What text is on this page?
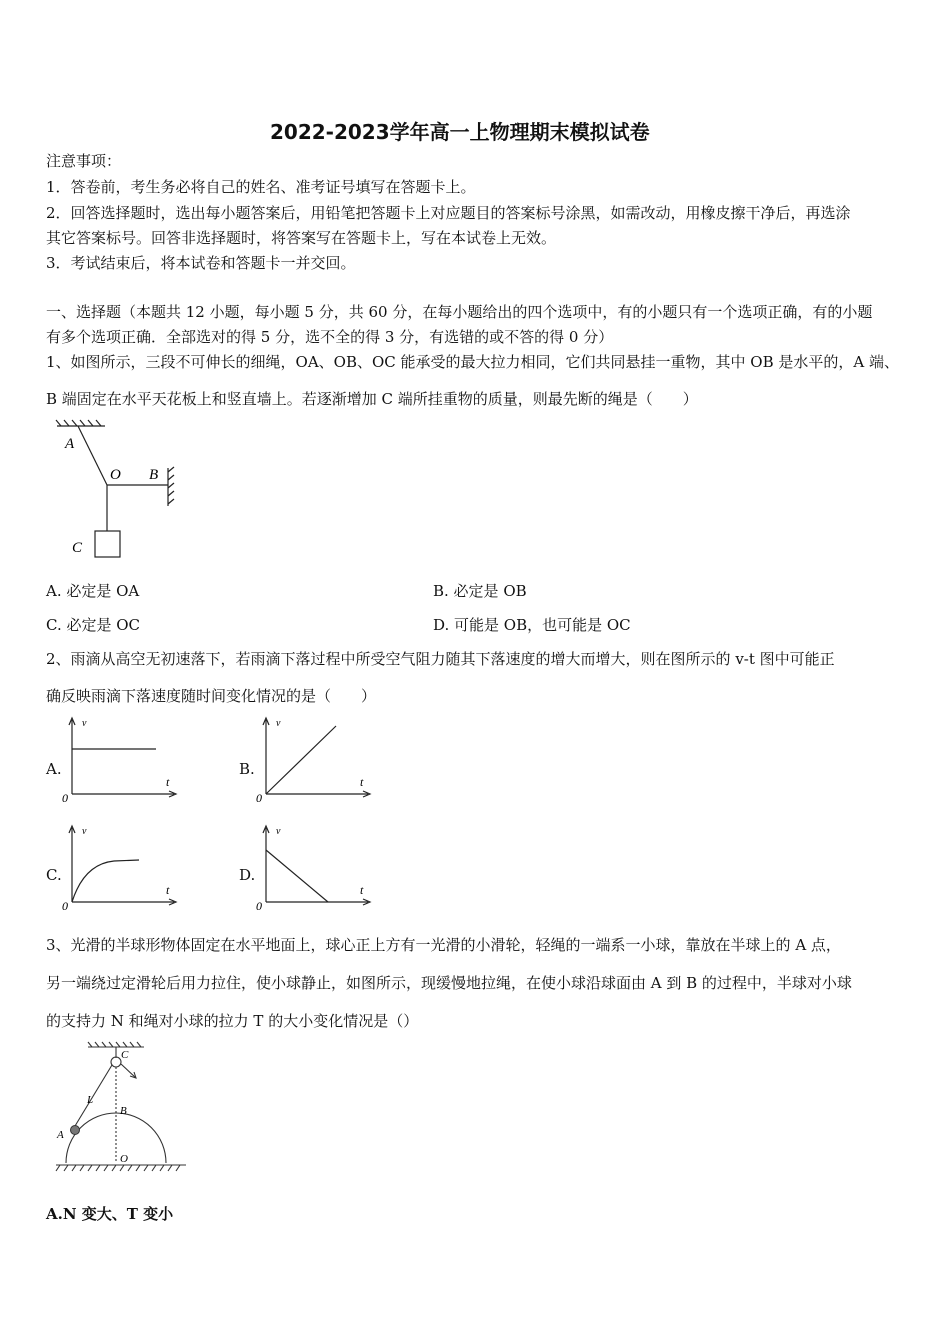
2022-2023学年高一上物理期末模拟试卷
注意事项：
1．答卷前，考生务必将自己的姓名、准考证号填写在答题卡上。
2．回答选择题时，选出每小题答案后，用铅笔把答题卡上对应题目的答案标号涂黑，如需改动，用橡皮擦干净后，再选涂
其它答案标号。回答非选择题时，将答案写在答题卡上，写在本试卷上无效。
3．考试结束后，将本试卷和答题卡一并交回。
一、选择题（本题共 12 小题，每小题 5 分，共 60 分，在每小题给出的四个选项中，有的小题只有一个选项正确，有的小题
有多个选项正确．全部选对的得 5 分，选不全的得 3 分，有选错的或不答的得 0 分）
1、如图所示，三段不可伸长的细绳，OA、OB、OC 能承受的最大拉力相同，它们共同悬挂一重物，其中 OB 是水平的，A 端、
B 端固定在水平天花板上和竖直墙上。若逐渐增加 C 端所挂重物的质量，则最先断的绳是（　　）
A
O B
C
A. 必定是 OA	B. 必定是 OB
C. 必定是 OC	D. 可能是 OB，也可能是 OC
2、雨滴从高空无初速落下，若雨滴下落过程中所受空气阻力随其下落速度的增大而增大，则在图所示的 v-t 图中可能正
确反映雨滴下落速度随时间变化情况的是（　　）
A.	B.
C.	D.
v
t
0
v
t
0
v
t
0
v
t
0
3、光滑的半球形物体固定在水平地面上，球心正上方有一光滑的小滑轮，轻绳的一端系一小球，靠放在半球上的 A 点，
另一端绕过定滑轮后用力拉住，使小球静止，如图所示，现缓慢地拉绳，在使小球沿球面由 A 到 B 的过程中，半球对小球
的支持力 N 和绳对小球的拉力 T 的大小变化情况是（）
C
L
B
A
O
A.N 变大、T 变小
